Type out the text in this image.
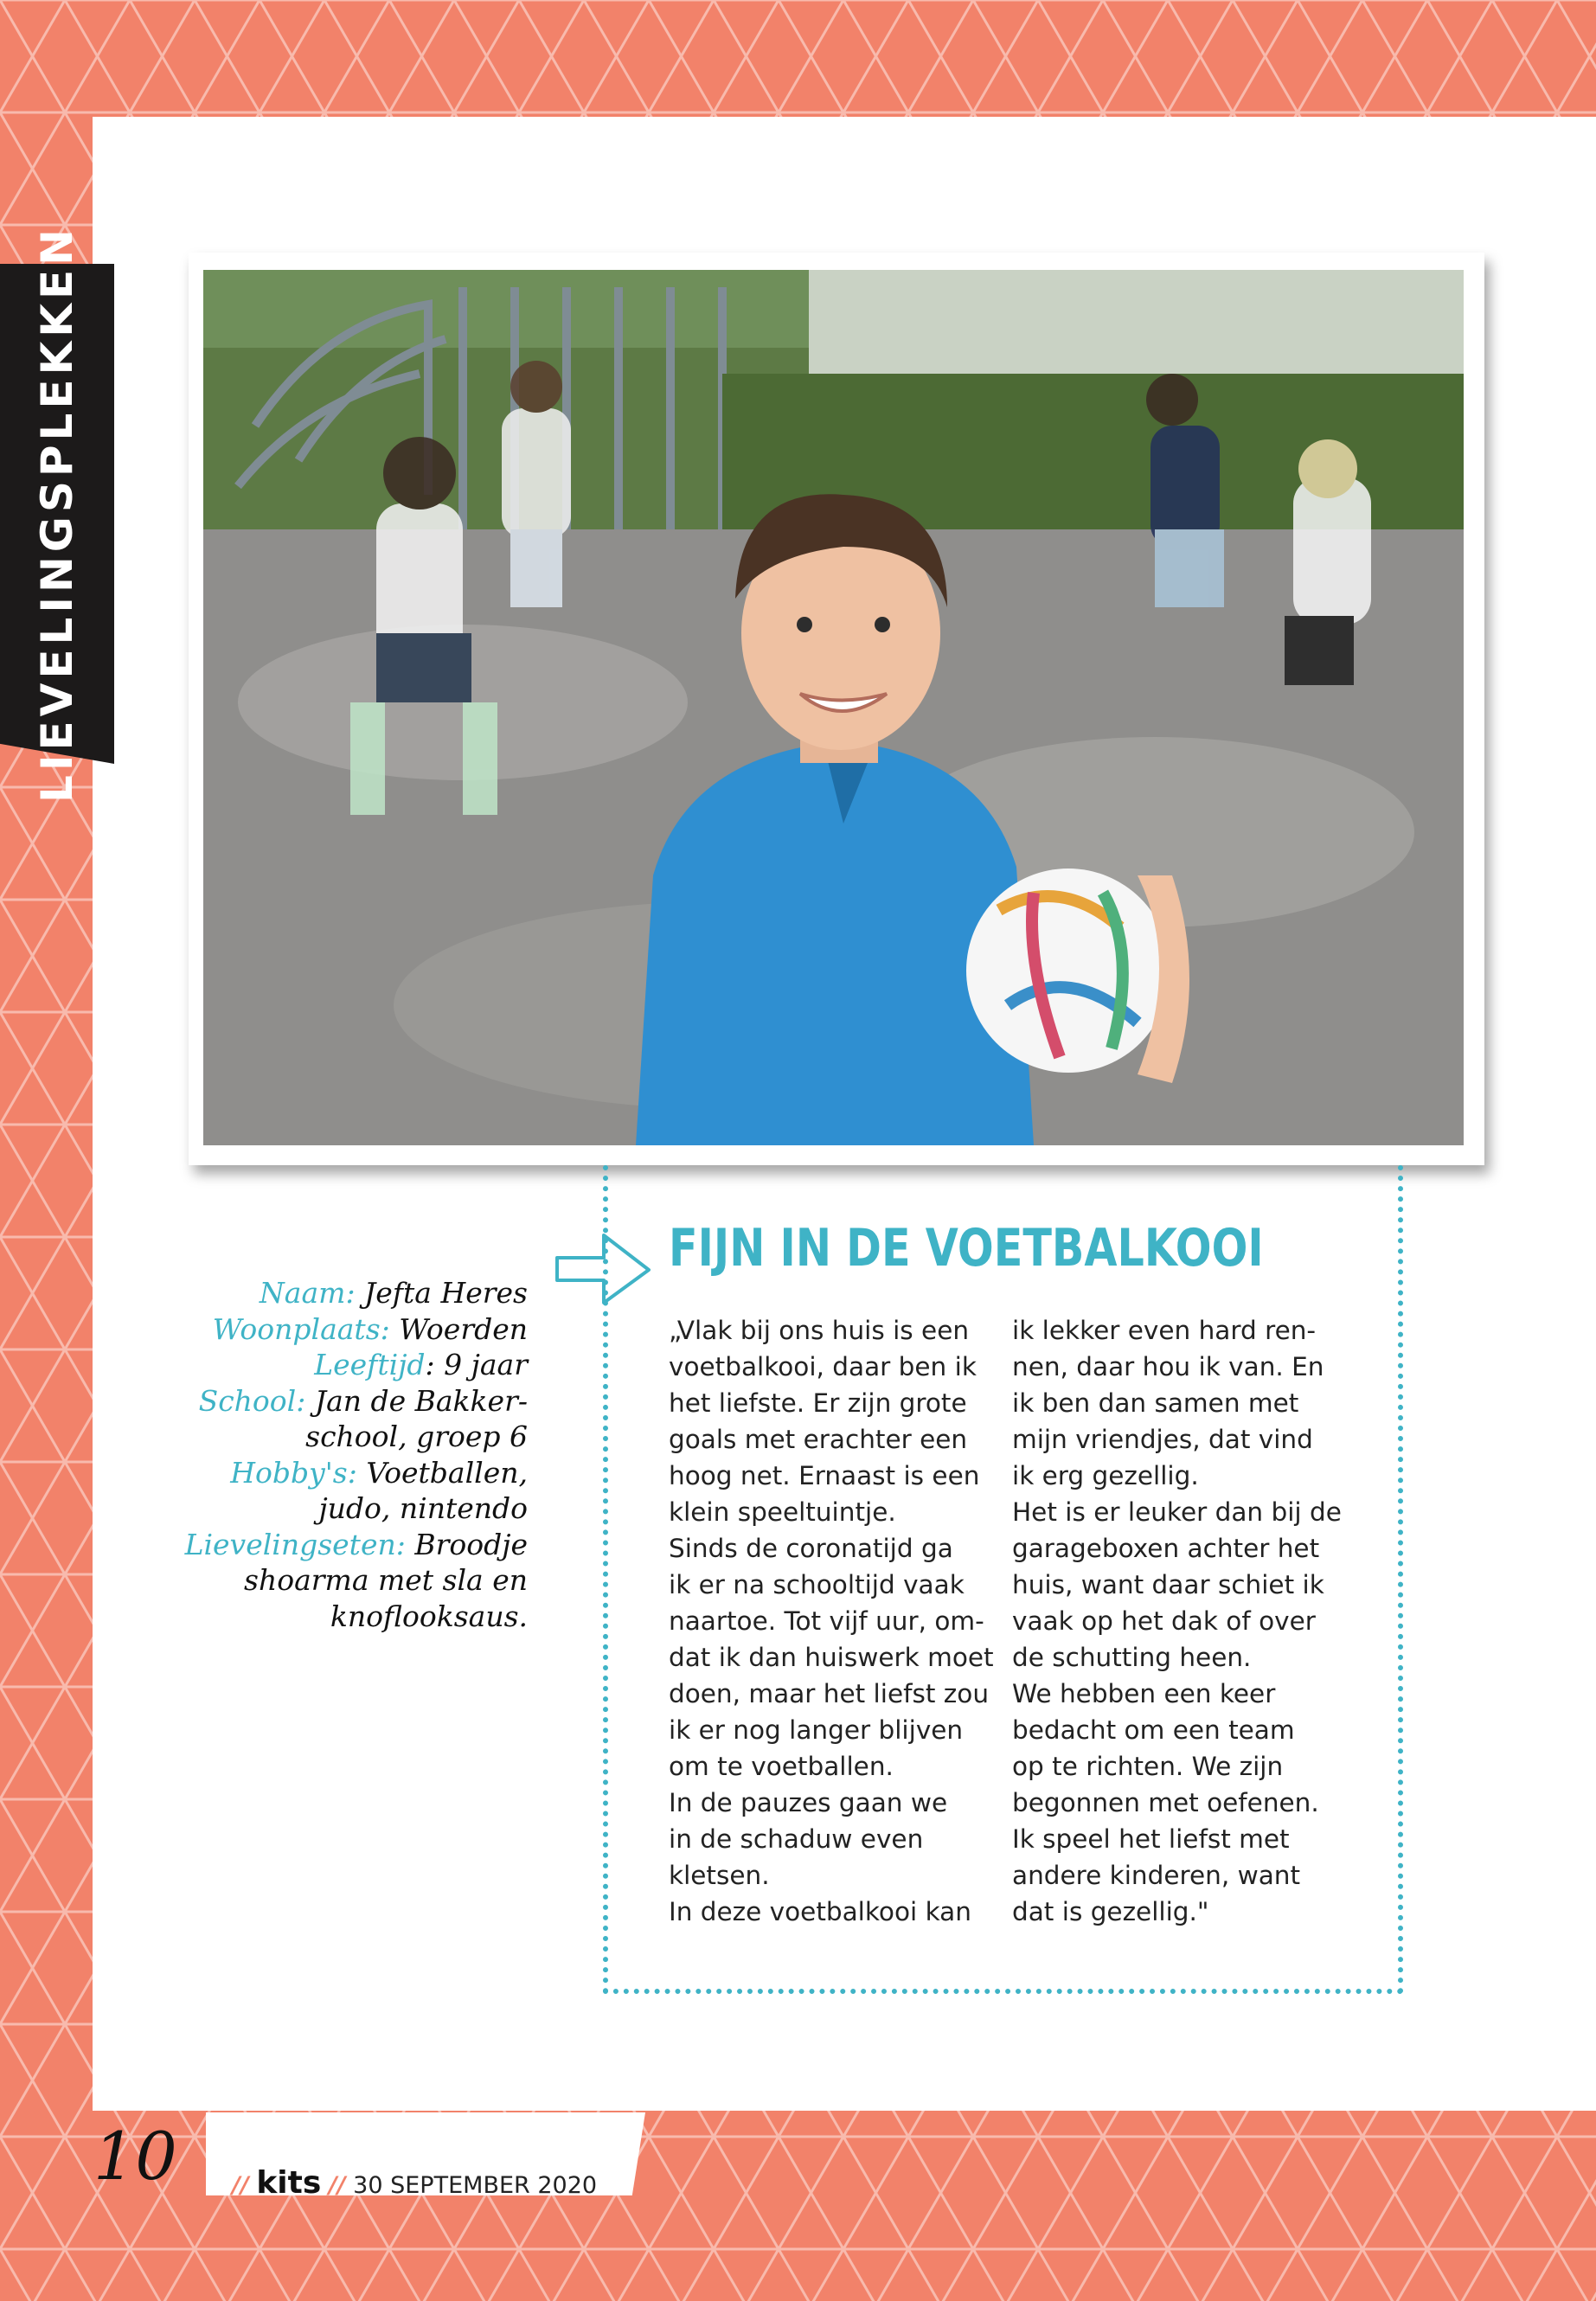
LIEVELINGSPLEKKEN
Naam: Jefta Heres
Woonplaats: Woerden
Leeftijd: 9 jaar
School: Jan de Bakker-
school, groep 6
Hobby's: Voetballen,
judo, nintendo
Lievelingseten: Broodje
shoarma met sla en
knoflooksaus.
FIJN IN DE VOETBALKOOI
„Vlak bij ons huis is een
voetbalkooi, daar ben ik
het liefste. Er zijn grote
goals met erachter een
hoog net. Ernaast is een
klein speeltuintje.
Sinds de coronatijd ga
ik er na schooltijd vaak
naartoe. Tot vijf uur, om-
dat ik dan huiswerk moet
doen, maar het liefst zou
ik er nog langer blijven
om te voetballen.
In de pauzes gaan we
in de schaduw even
kletsen.
In deze voetbalkooi kan
ik lekker even hard ren-
nen, daar hou ik van. En
ik ben dan samen met
mijn vriendjes, dat vind
ik erg gezellig.
Het is er leuker dan bij de
garageboxen achter het
huis, want daar schiet ik
vaak op het dak of over
de schutting heen.
We hebben een keer
bedacht om een team
op te richten. We zijn
begonnen met oefenen.
Ik speel het liefst met
andere kinderen, want
dat is gezellig."
10 // kits // 30 SEPTEMBER 2020
